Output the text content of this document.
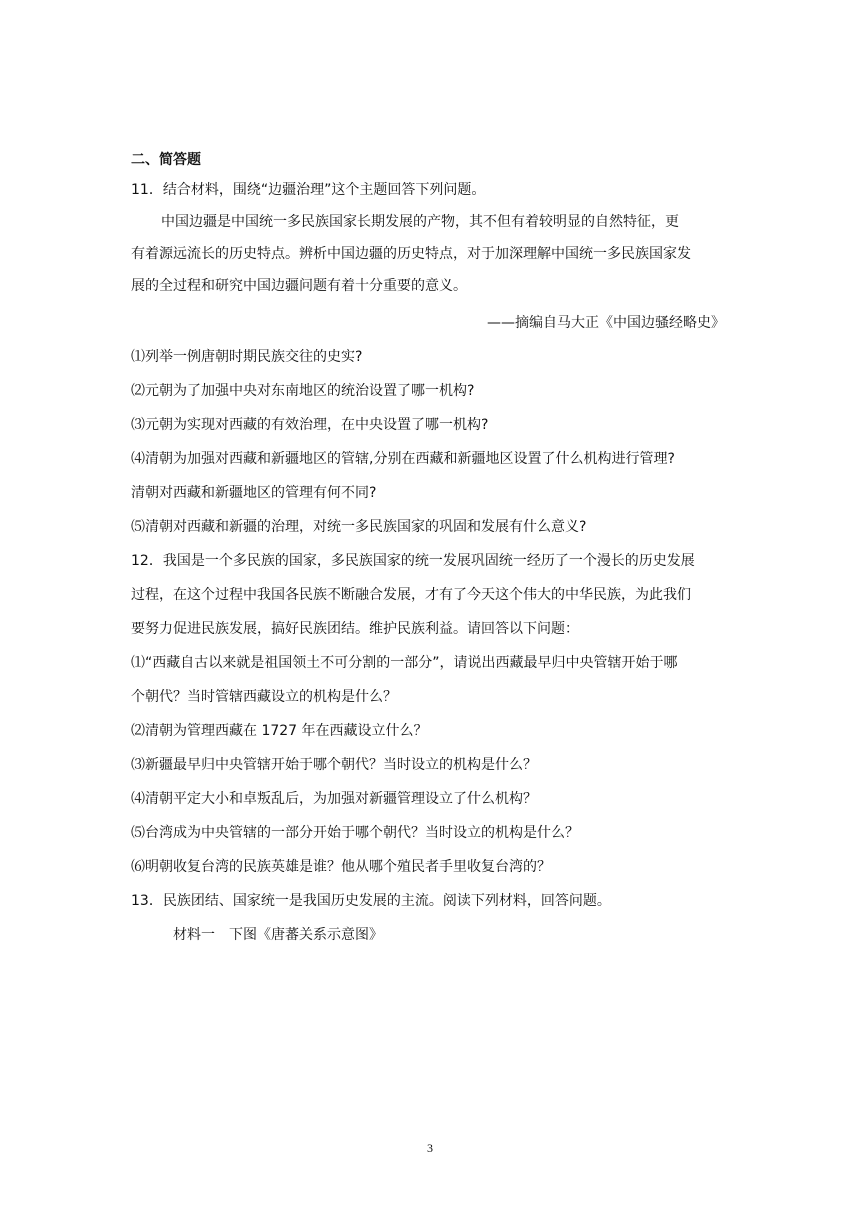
二、简答题
11．结合材料，围绕“边疆治理”这个主题回答下列问题。
中国边疆是中国统一多民族国家长期发展的产物，其不但有着较明显的自然特征，更
有着源远流长的历史特点。辨析中国边疆的历史特点，对于加深理解中国统一多民族国家发
展的全过程和研究中国边疆问题有着十分重要的意义。
——摘编自马大正《中国边骚经略史》
⑴列举一例唐朝时期民族交往的史实?
⑵元朝为了加强中央对东南地区的统治设置了哪一机构?
⑶元朝为实现对西藏的有效治理，在中央设置了哪一机构?
⑷清朝为加强对西藏和新疆地区的管辖,分别在西藏和新疆地区设置了什么机构进行管理?
清朝对西藏和新疆地区的管理有何不同?
⑸清朝对西藏和新疆的治理，对统一多民族国家的巩固和发展有什么意义?
12．我国是一个多民族的国家，多民族国家的统一发展巩固统一经历了一个漫长的历史发展
过程，在这个过程中我国各民族不断融合发展，才有了今天这个伟大的中华民族，为此我们
要努力促进民族发展，搞好民族团结。维护民族利益。请回答以下问题：
⑴“西藏自古以来就是祖国领土不可分割的一部分”，请说出西藏最早归中央管辖开始于哪
个朝代？当时管辖西藏设立的机构是什么？
⑵清朝为管理西藏在 1727 年在西藏设立什么？
⑶新疆最早归中央管辖开始于哪个朝代？当时设立的机构是什么？
⑷清朝平定大小和卓叛乱后，为加强对新疆管理设立了什么机构？
⑸台湾成为中央管辖的一部分开始于哪个朝代？当时设立的机构是什么？
⑹明朝收复台湾的民族英雄是谁？他从哪个殖民者手里收复台湾的？
13．民族团结、国家统一是我国历史发展的主流。阅读下列材料，回答问题。
材料一　下图《唐蕃关系示意图》
3
